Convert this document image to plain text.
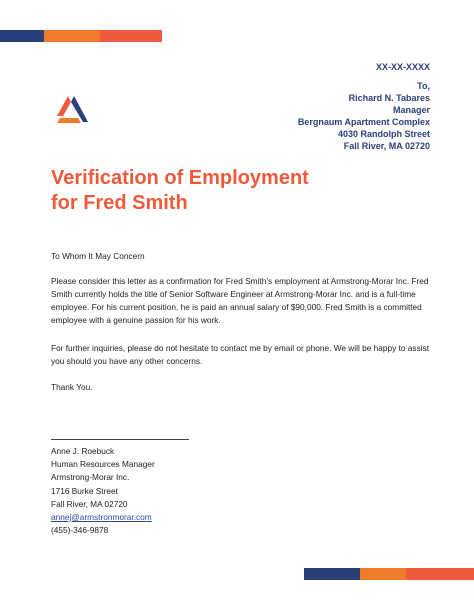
XX-XX-XXXX
To,
Richard N. Tabares
Manager
Bergnaum Apartment Complex
4030 Randolph Street
Fall River, MA 02720
Verification of Employment
for Fred Smith
To Whom It May Concern
Please consider this letter as a confirmation for Fred Smith’s employment at Armstrong-Morar Inc. Fred Smith currently holds the title of Senior Software Engineer at Armstrong-Morar Inc. and is a full-time employee. For his current position, he is paid an annual salary of $90,000. Fred Smith is a committed employee with a genuine passion for his work.
For further inquiries, please do not hesitate to contact me by email or phone. We will be happy to assist you should you have any other concerns.
Thank You.
Anne J. Roebuck
Human Resources Manager
Armstrong-Morar Inc.
1716 Burke Street
Fall River, MA 02720
annej@armstronmorar.com
(455)-346-9878
